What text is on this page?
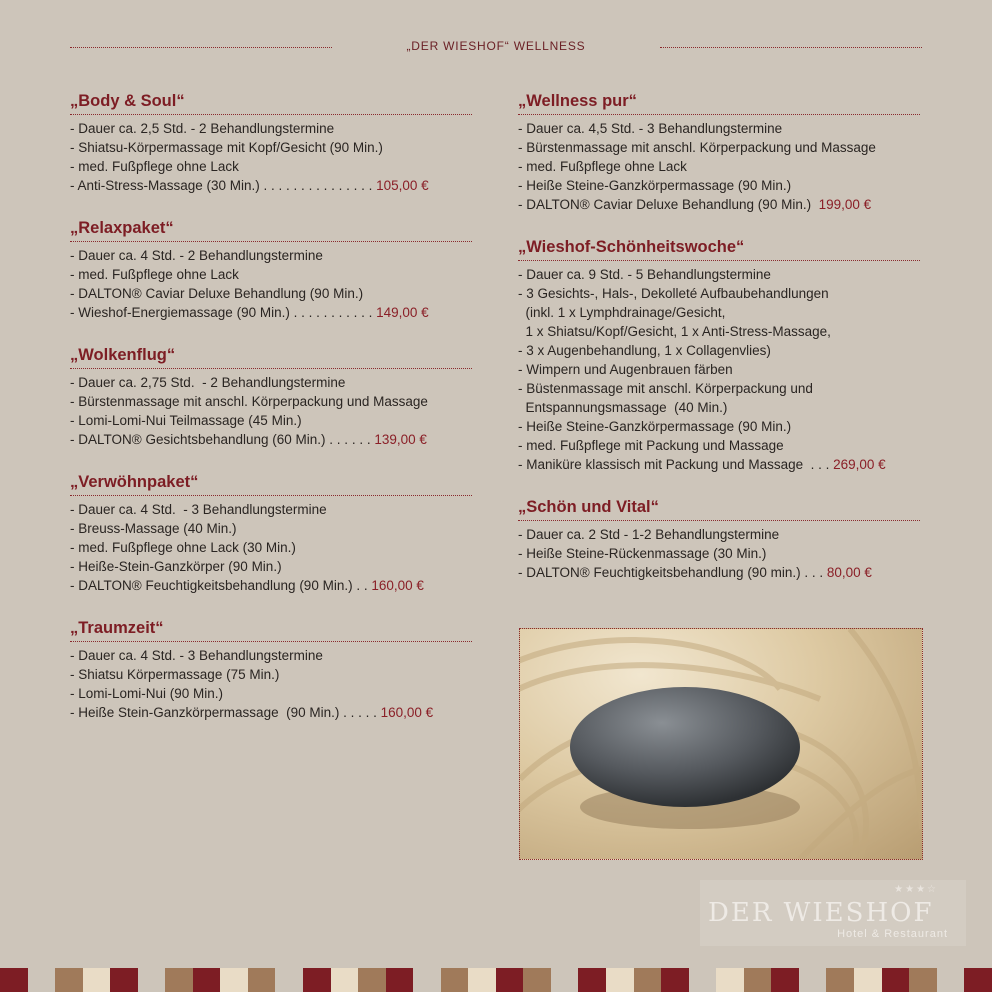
„DER WIESHOF“ WELLNESS
„Body & Soul“
- Dauer ca. 2,5 Std. - 2 Behandlungstermine
- Shiatsu-Körpermassage mit Kopf/Gesicht (90 Min.)
- med. Fußpflege ohne Lack
- Anti-Stress-Massage (30 Min.) . . . . . . . . . . . . . . . 105,00 €
„Relaxpaket“
- Dauer ca. 4 Std. - 2 Behandlungstermine
- med. Fußpflege ohne Lack
- DALTON® Caviar Deluxe Behandlung (90 Min.)
- Wieshof-Energiemassage (90 Min.) . . . . . . . . . . . 149,00 €
„Wolkenflug“
- Dauer ca. 2,75 Std.  - 2 Behandlungstermine
- Bürstenmassage mit anschl. Körperpackung und Massage
- Lomi-Lomi-Nui Teilmassage (45 Min.)
- DALTON® Gesichtsbehandlung (60 Min.) . . . . . . 139,00 €
„Verwöhnpaket“
- Dauer ca. 4 Std.  - 3 Behandlungstermine
- Breuss-Massage (40 Min.)
- med. Fußpflege ohne Lack (30 Min.)
- Heiße-Stein-Ganzkörper (90 Min.)
- DALTON® Feuchtigkeitsbehandlung (90 Min.) . . 160,00 €
„Traumzeit“
- Dauer ca. 4 Std. - 3 Behandlungstermine
- Shiatsu Körpermassage (75 Min.)
- Lomi-Lomi-Nui (90 Min.)
- Heiße Stein-Ganzkörpermassage  (90 Min.) . . . . . 160,00 €
„Wellness pur“
- Dauer ca. 4,5 Std. - 3 Behandlungstermine
- Bürstenmassage mit anschl. Körperpackung und Massage
- med. Fußpflege ohne Lack
- Heiße Steine-Ganzkörpermassage (90 Min.)
- DALTON® Caviar Deluxe Behandlung (90 Min.)  199,00 €
„Wieshof-Schönheitswoche“
- Dauer ca. 9 Std. - 5 Behandlungstermine
- 3 Gesichts-, Hals-, Dekolleté Aufbaubehandlungen
(inkl. 1 x Lymphdrainage/Gesicht,
1 x Shiatsu/Kopf/Gesicht, 1 x Anti-Stress-Massage,
- 3 x Augenbehandlung, 1 x Collagenvlies)
- Wimpern und Augenbrauen färben
- Büstenmassage mit anschl. Körperpackung und
Entspannungsmassage  (40 Min.)
- Heiße Steine-Ganzkörpermassage (90 Min.)
- med. Fußpflege mit Packung und Massage
- Maniküre klassisch mit Packung und Massage  . . . 269,00 €
„Schön und Vital“
- Dauer ca. 2 Std - 1-2 Behandlungstermine
- Heiße Steine-Rückenmassage (30 Min.)
- DALTON® Feuchtigkeitsbehandlung (90 min.) . . . 80,00 €
★★★☆
DER WIESHOF
Hotel & Restaurant
